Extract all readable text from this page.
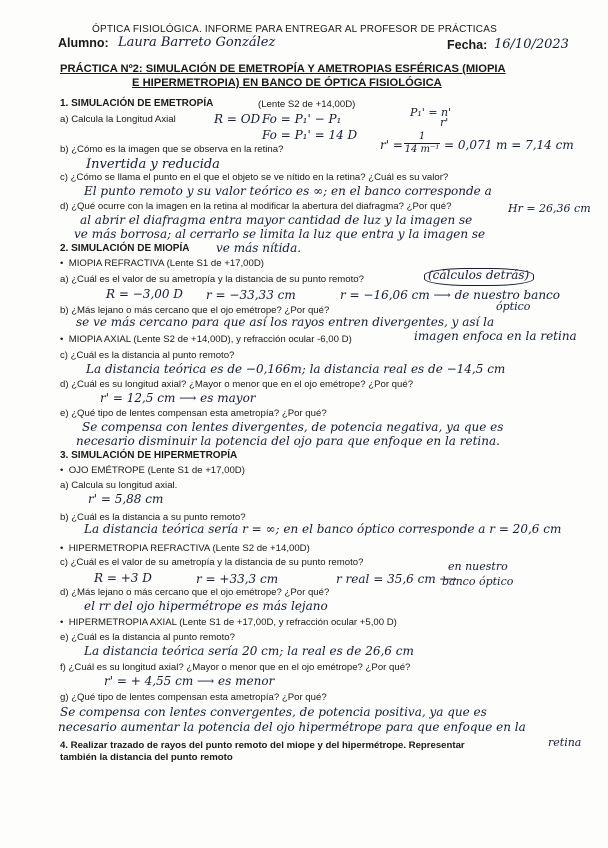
ÓPTICA FISIOLÓGICA. INFORME PARA ENTREGAR AL PROFESOR DE PRÁCTICAS
Alumno: Laura Barreto González	Fecha: 16/10/2023
PRÁCTICA Nº2: SIMULACIÓN DE EMETROPÍA Y AMETROPIAS ESFÉRICAS (MIOPIA
E HIPERMETROPIA) EN BANCO DE ÓPTICA FISIOLÓGICA
1. SIMULACIÓN DE EMETROPÍA	(Lente S2 de +14,00D)
a) Calcula la Longitud Axial	R = OD Fo = P₁' − P₁
Fo = P₁' = 14 D
P₁' = n'
r'
r' =
1
14 m⁻¹ = 0,071 m = 7,14 cm
b) ¿Cómo es la imagen que se observa en la retina?
Invertida y reducida
c) ¿Cómo se llama el punto en el que el objeto se ve nítido en la retina? ¿Cuál es su valor?
El punto remoto y su valor teórico es ∞; en el banco corresponde a
d) ¿Qué ocurre con la imagen en la retina al modificar la abertura del diafragma? ¿Por qué?	Hr = 26,36 cm
al abrir el diafragma entra mayor cantidad de luz y la imagen se
ve más borrosa; al cerrarlo se limita la luz que entra y la imagen se
2. SIMULACIÓN DE MIOPÍA ve más nítida.
•  MIOPIA REFRACTIVA (Lente S1 de +17,00D)
a) ¿Cuál es el valor de su ametropía y la distancia de su punto remoto?	(cálculos detrás)
R = −3,00 D r = −33,33 cm	r = −16,06 cm ⟶ de nuestro banco
b) ¿Más lejano o más cercano que el ojo emétrope? ¿Por qué?	óptico
se ve más cercano para que así los rayos entren divergentes, y así la
imagen enfoca en la retina
•  MIOPIA AXIAL (Lente S2 de +14,00D), y refracción ocular -6,00 D)
c) ¿Cuál es la distancia al punto remoto?
La distancia teórica es de −0,166m; la distancia real es de −14,5 cm
d) ¿Cuál es su longitud axial? ¿Mayor o menor que en el ojo emétrope? ¿Por qué?
r' = 12,5 cm ⟶ es mayor
e) ¿Qué tipo de lentes compensan esta ametropía? ¿Por qué?
Se compensa con lentes divergentes, de potencia negativa, ya que es
necesario disminuir la potencia del ojo para que enfoque en la retina.
3. SIMULACIÓN DE HIPERMETROPÍA
•  OJO EMÉTROPE (Lente S1 de +17,00D)
a) Calcula su longitud axial.
r' = 5,88 cm
b) ¿Cuál es la distancia a su punto remoto?
La distancia teórica sería r = ∞; en el banco óptico corresponde a r = 20,6 cm
•  HIPERMETROPIA REFRACTIVA (Lente S2 de +14,00D)
c) ¿Cuál es el valor de su ametropía y la distancia de su punto remoto?	en nuestro
R = +3 D	r = +33,3 cm	r real = 35,6 cm ⟶
banco óptico
d) ¿Más lejano o más cercano que el ojo emétrope? ¿Por qué?
el rr del ojo hipermétrope es más lejano
•  HIPERMETROPIA AXIAL (Lente S1 de +17,00D, y refracción ocular +5,00 D)
e) ¿Cuál es la distancia al punto remoto?
La distancia teórica sería 20 cm; la real es de 26,6 cm
f) ¿Cuál es su longitud axial? ¿Mayor o menor que en el ojo emétrope? ¿Por qué?
r' = + 4,55 cm ⟶ es menor
g) ¿Qué tipo de lentes compensan esta ametropía? ¿Por qué?
Se compensa con lentes convergentes, de potencia positiva, ya que es
necesario aumentar la potencia del ojo hipermétrope para que enfoque en la
retina
4. Realizar trazado de rayos del punto remoto del miope y del hipermétrope. Representar
también la distancia del punto remoto
